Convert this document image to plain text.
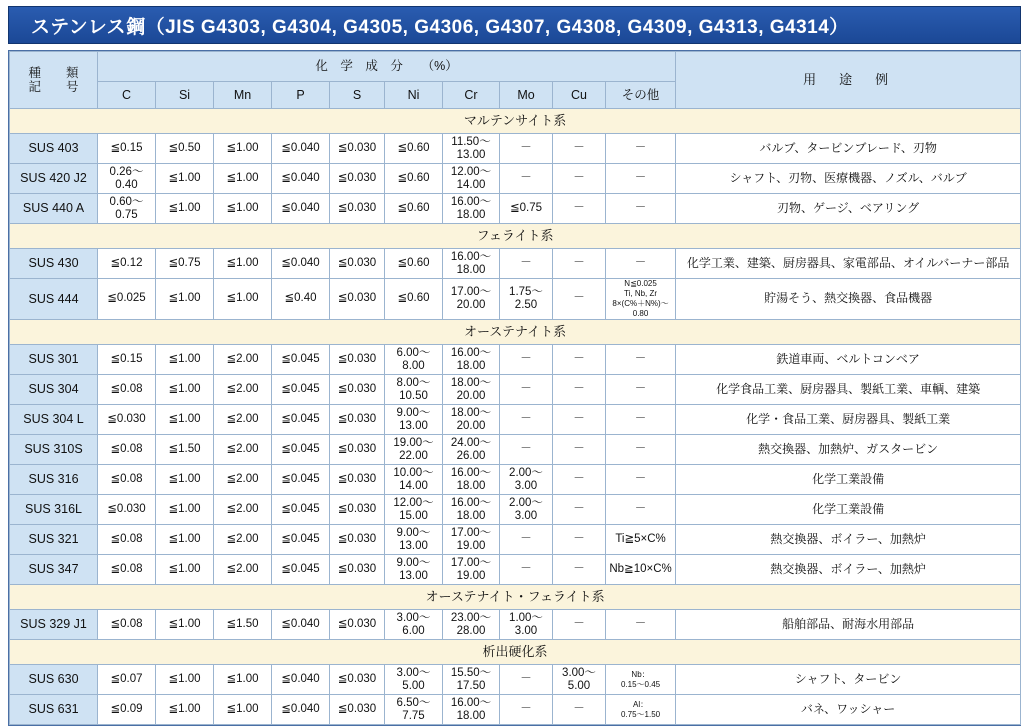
ステンレス鋼（JIS G4303, G4304, G4305, G4306, G4307, G4308, G4309, G4313, G4314）
種　　類
記　　号	化　学　成　分　　（%）										用　途　例
	C	Si	Mn	P	S	Ni	Cr	Mo	Cu	その他	
マルテンサイト系											
SUS 403	≦0.15	≦0.50	≦1.00	≦0.040	≦0.030	≦0.60	11.50～
13.00	－	－	－	バルブ、タービンブレード、刃物
SUS 420 J2	0.26～
0.40	≦1.00	≦1.00	≦0.040	≦0.030	≦0.60	12.00～
14.00	－	－	－	シャフト、刃物、医療機器、ノズル、バルブ
SUS 440 A	0.60～
0.75	≦1.00	≦1.00	≦0.040	≦0.030	≦0.60	16.00～
18.00	≦0.75	－	－	刃物、ゲージ、ベアリング
フェライト系											
SUS 430	≦0.12	≦0.75	≦1.00	≦0.040	≦0.030	≦0.60	16.00～
18.00	－	－	－	化学工業、建築、厨房器具、家電部品、オイルバーナー部品
SUS 444	≦0.025	≦1.00	≦1.00	≦0.40	≦0.030	≦0.60	17.00～
20.00	1.75～
2.50	－	N≦0.025
Ti, Nb, Zr
8×(C%＋N%)～0.80	貯湯そう、熱交換器、食品機器
オーステナイト系											
SUS 301	≦0.15	≦1.00	≦2.00	≦0.045	≦0.030	6.00～
8.00	16.00～
18.00	－	－	－	鉄道車両、ベルトコンベア
SUS 304	≦0.08	≦1.00	≦2.00	≦0.045	≦0.030	8.00～
10.50	18.00～
20.00	－	－	－	化学食品工業、厨房器具、製紙工業、車輌、建築
SUS 304 L	≦0.030	≦1.00	≦2.00	≦0.045	≦0.030	9.00～
13.00	18.00～
20.00	－	－	－	化学・食品工業、厨房器具、製紙工業
SUS 310S	≦0.08	≦1.50	≦2.00	≦0.045	≦0.030	19.00～
22.00	24.00～
26.00	－	－	－	熱交換器、加熱炉、ガスタービン
SUS 316	≦0.08	≦1.00	≦2.00	≦0.045	≦0.030	10.00～
14.00	16.00～
18.00	2.00～
3.00	－	－	化学工業設備
SUS 316L	≦0.030	≦1.00	≦2.00	≦0.045	≦0.030	12.00～
15.00	16.00～
18.00	2.00～
3.00	－	－	化学工業設備
SUS 321	≦0.08	≦1.00	≦2.00	≦0.045	≦0.030	9.00～
13.00	17.00～
19.00	－	－	Ti≧5×C%	熱交換器、ボイラー、加熱炉
SUS 347	≦0.08	≦1.00	≦2.00	≦0.045	≦0.030	9.00～
13.00	17.00～
19.00	－	－	Nb≧10×C%	熱交換器、ボイラー、加熱炉
オーステナイト・フェライト系											
SUS 329 J1	≦0.08	≦1.00	≦1.50	≦0.040	≦0.030	3.00～
6.00	23.00～
28.00	1.00～
3.00	－	－	船舶部品、耐海水用部品
析出硬化系											
SUS 630	≦0.07	≦1.00	≦1.00	≦0.040	≦0.030	3.00～
5.00	15.50～
17.50	－	3.00～
5.00	Nb：
0.15～0.45	シャフト、タービン
SUS 631	≦0.09	≦1.00	≦1.00	≦0.040	≦0.030	6.50～
7.75	16.00～
18.00	－	－	Al：
0.75～1.50	バネ、ワッシャー
